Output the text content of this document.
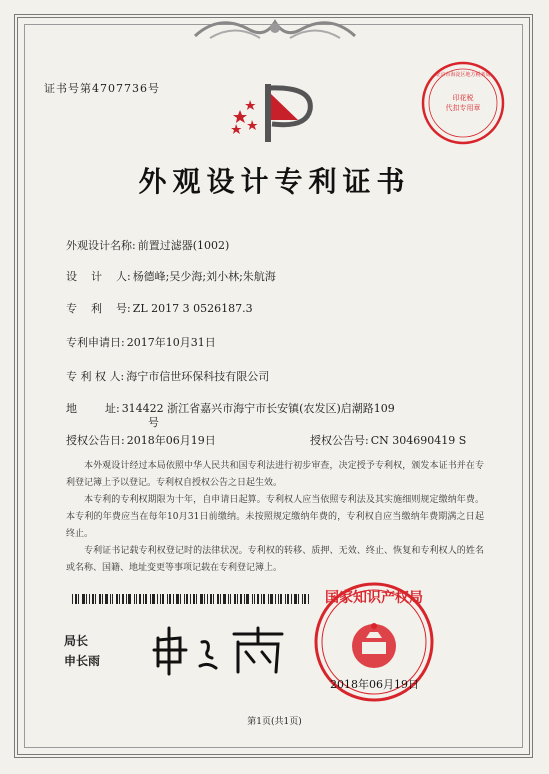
证书号第4707736号
印花税
代扣专用章
北京市海淀区地方税务局
外观设计专利证书
外观设计名称: 前置过滤器(1002)
设    计    人: 杨德峰;吴少海;刘小林;朱航海
专    利    号: ZL 2017 3 0526187.3
专利申请日: 2017年10月31日
专 利 权 人: 海宁市信世环保科技有限公司
地        址: 314422 浙江省嘉兴市海宁市长安镇(农发区)启潮路109
号
授权公告日: 2018年06月19日	授权公告号: CN 304690419 S
本外观设计经过本局依照中华人民共和国专利法进行初步审查，决定授予专利权，颁发本证书并在专利登记簿上予以登记。专利权自授权公告之日起生效。
本专利的专利权期限为十年，自申请日起算。专利权人应当依照专利法及其实施细则规定缴纳年费。本专利的年费应当在每年10月31日前缴纳。未按照规定缴纳年费的，专利权自应当缴纳年费期满之日起终止。
专利证书记载专利权登记时的法律状况。专利权的转移、质押、无效、终止、恢复和专利权人的姓名或名称、国籍、地址变更等事项记载在专利登记簿上。
局长
申长雨
国家知识产权局
2018年06月19日
第1页(共1页)
